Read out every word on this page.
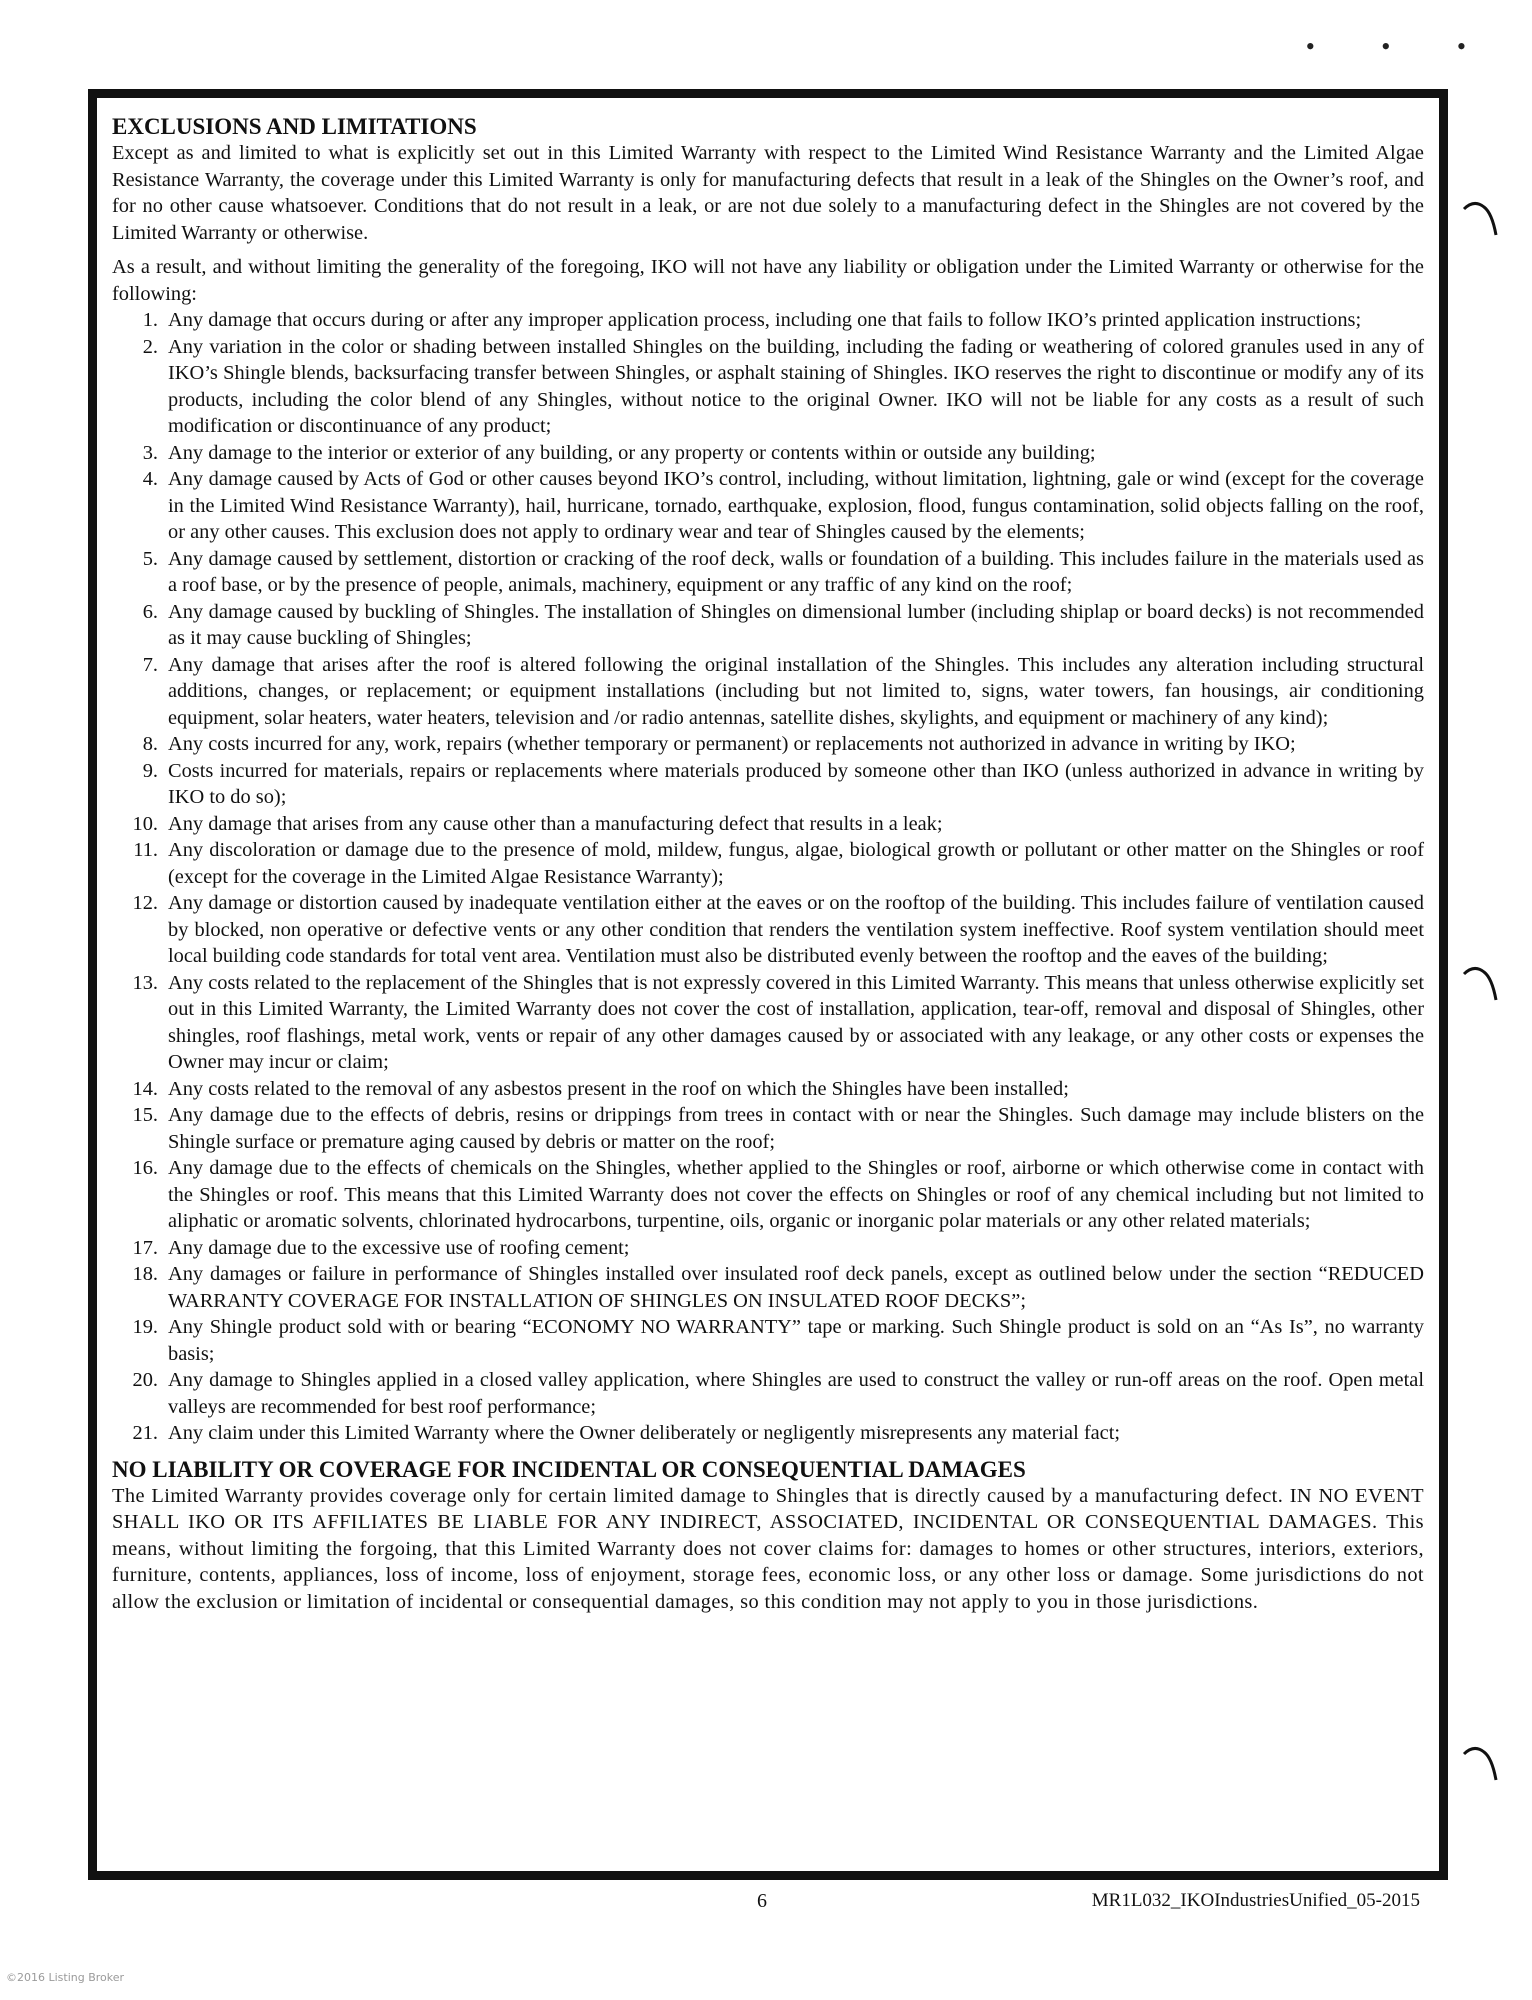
• • •
EXCLUSIONS AND LIMITATIONS

Except as and limited to what is explicitly set out in this Limited Warranty with respect to the Limited Wind Resistance Warranty and the Limited Algae Resistance Warranty, the coverage under this Limited Warranty is only for manufacturing defects that result in a leak of the Shingles on the Owner’s roof, and for no other cause whatsoever. Conditions that do not result in a leak, or are not due solely to a manufacturing defect in the Shingles are not covered by the Limited Warranty or otherwise.

As a result, and without limiting the generality of the foregoing, IKO will not have any liability or obligation under the Limited Warranty or otherwise for the following:

1. Any damage that occurs during or after any improper application process, including one that fails to follow IKO’s printed application instructions;
2. Any variation in the color or shading between installed Shingles on the building, including the fading or weathering of colored granules used in any of IKO’s Shingle blends, backsurfacing transfer between Shingles, or asphalt staining of Shingles. IKO reserves the right to discontinue or modify any of its products, including the color blend of any Shingles, without notice to the original Owner. IKO will not be liable for any costs as a result of such modification or discontinuance of any product;
3. Any damage to the interior or exterior of any building, or any property or contents within or outside any building;
4. Any damage caused by Acts of God or other causes beyond IKO’s control, including, without limitation, lightning, gale or wind (except for the coverage in the Limited Wind Resistance Warranty), hail, hurricane, tornado, earthquake, explosion, flood, fungus contamination, solid objects falling on the roof, or any other causes. This exclusion does not apply to ordinary wear and tear of Shingles caused by the elements;
5. Any damage caused by settlement, distortion or cracking of the roof deck, walls or foundation of a building. This includes failure in the materials used as a roof base, or by the presence of people, animals, machinery, equipment or any traffic of any kind on the roof;
6. Any damage caused by buckling of Shingles. The installation of Shingles on dimensional lumber (including shiplap or board decks) is not recommended as it may cause buckling of Shingles;
7. Any damage that arises after the roof is altered following the original installation of the Shingles. This includes any alteration including structural additions, changes, or replacement; or equipment installations (including but not limited to, signs, water towers, fan housings, air conditioning equipment, solar heaters, water heaters, television and /or radio antennas, satellite dishes, skylights, and equipment or machinery of any kind);
8. Any costs incurred for any, work, repairs (whether temporary or permanent) or replacements not authorized in advance in writing by IKO;
9. Costs incurred for materials, repairs or replacements where materials produced by someone other than IKO (unless authorized in advance in writing by IKO to do so);
10. Any damage that arises from any cause other than a manufacturing defect that results in a leak;
11. Any discoloration or damage due to the presence of mold, mildew, fungus, algae, biological growth or pollutant or other matter on the Shingles or roof (except for the coverage in the Limited Algae Resistance Warranty);
12. Any damage or distortion caused by inadequate ventilation either at the eaves or on the rooftop of the building. This includes failure of ventilation caused by blocked, non operative or defective vents or any other condition that renders the ventilation system ineffective. Roof system ventilation should meet local building code standards for total vent area. Ventilation must also be distributed evenly between the rooftop and the eaves of the building;
13. Any costs related to the replacement of the Shingles that is not expressly covered in this Limited Warranty. This means that unless otherwise explicitly set out in this Limited Warranty, the Limited Warranty does not cover the cost of installation, application, tear-off, removal and disposal of Shingles, other shingles, roof flashings, metal work, vents or repair of any other damages caused by or associated with any leakage, or any other costs or expenses the Owner may incur or claim;
14. Any costs related to the removal of any asbestos present in the roof on which the Shingles have been installed;
15. Any damage due to the effects of debris, resins or drippings from trees in contact with or near the Shingles. Such damage may include blisters on the Shingle surface or premature aging caused by debris or matter on the roof;
16. Any damage due to the effects of chemicals on the Shingles, whether applied to the Shingles or roof, airborne or which otherwise come in contact with the Shingles or roof. This means that this Limited Warranty does not cover the effects on Shingles or roof of any chemical including but not limited to aliphatic or aromatic solvents, chlorinated hydrocarbons, turpentine, oils, organic or inorganic polar materials or any other related materials;
17. Any damage due to the excessive use of roofing cement;
18. Any damages or failure in performance of Shingles installed over insulated roof deck panels, except as outlined below under the section “REDUCED WARRANTY COVERAGE FOR INSTALLATION OF SHINGLES ON INSULATED ROOF DECKS”;
19. Any Shingle product sold with or bearing “ECONOMY NO WARRANTY” tape or marking. Such Shingle product is sold on an “As Is”, no warranty basis;
20. Any damage to Shingles applied in a closed valley application, where Shingles are used to construct the valley or run-off areas on the roof. Open metal valleys are recommended for best roof performance;
21. Any claim under this Limited Warranty where the Owner deliberately or negligently misrepresents any material fact;
NO LIABILITY OR COVERAGE FOR INCIDENTAL OR CONSEQUENTIAL DAMAGES

The Limited Warranty provides coverage only for certain limited damage to Shingles that is directly caused by a manufacturing defect. IN NO EVENT SHALL IKO OR ITS AFFILIATES BE LIABLE FOR ANY INDIRECT, ASSOCIATED, INCIDENTAL OR CONSEQUENTIAL DAMAGES. This means, without limiting the forgoing, that this Limited Warranty does not cover claims for: damages to homes or other structures, interiors, exteriors, furniture, contents, appliances, loss of income, loss of enjoyment, storage fees, economic loss, or any other loss or damage. Some jurisdictions do not allow the exclusion or limitation of incidental or consequential damages, so this condition may not apply to you in those jurisdictions.

6	MR1L032_IKOIndustriesUnified_05-2015
©2016 Listing Broker
